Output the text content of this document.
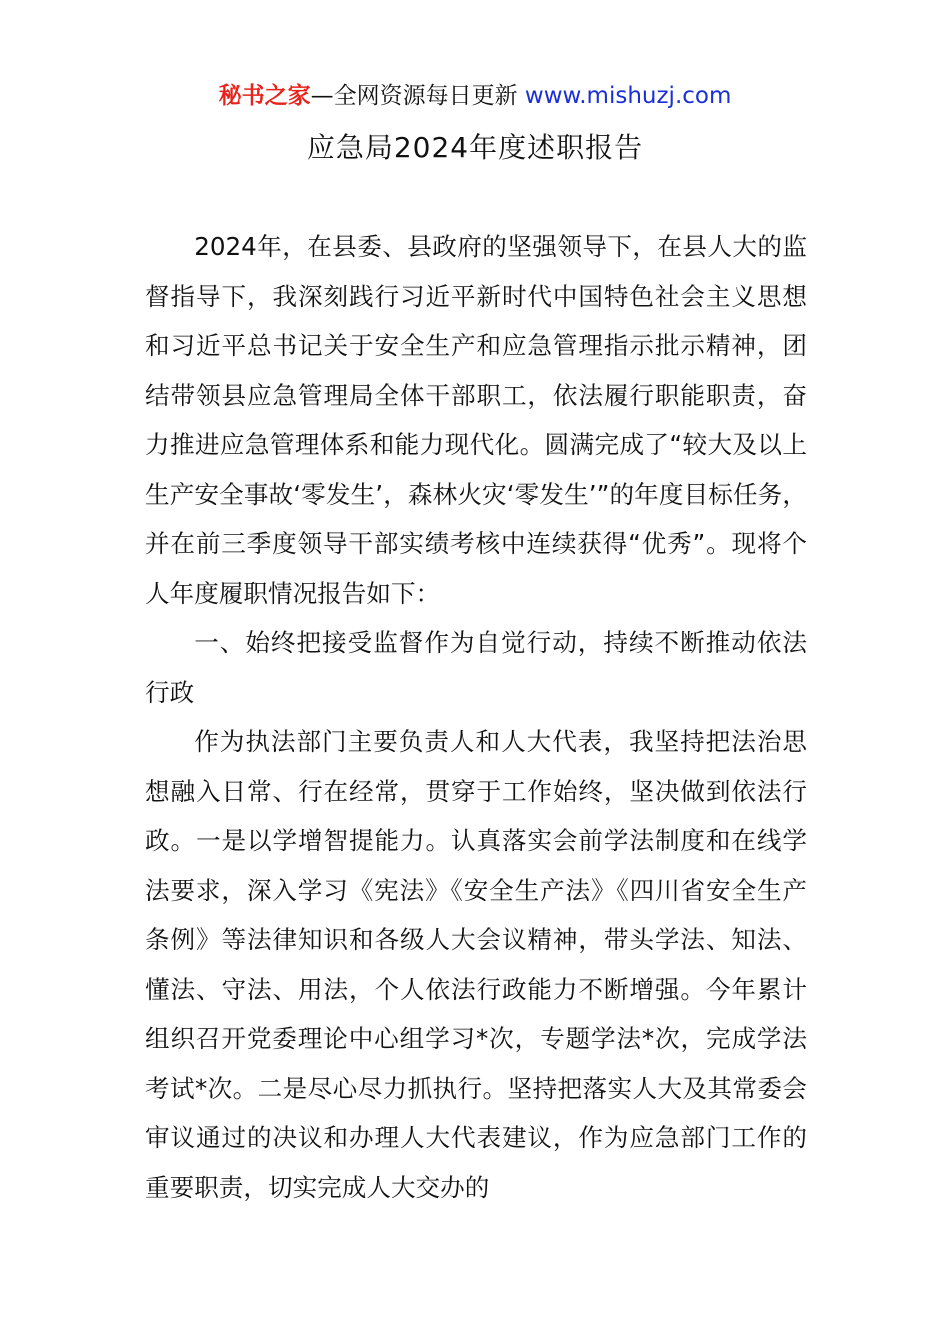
秘书之家—全网资源每日更新 www.mishuzj.com
应急局2024年度述职报告

2024年，在县委、县政府的坚强领导下，在县人大的监督指导下，我深刻践行习近平新时代中国特色社会主义思想和习近平总书记关于安全生产和应急管理指示批示精神，团结带领县应急管理局全体干部职工，依法履行职能职责，奋力推进应急管理体系和能力现代化。圆满完成了“较大及以上生产安全事故‘零发生’，森林火灾‘零发生’”的年度目标任务，并在前三季度领导干部实绩考核中连续获得“优秀”。现将个人年度履职情况报告如下：

一、始终把接受监督作为自觉行动，持续不断推动依法行政

作为执法部门主要负责人和人大代表，我坚持把法治思想融入日常、行在经常，贯穿于工作始终，坚决做到依法行政。一是以学增智提能力。认真落实会前学法制度和在线学法要求，深入学习《宪法》《安全生产法》《四川省安全生产条例》等法律知识和各级人大会议精神，带头学法、知法、懂法、守法、用法，个人依法行政能力不断增强。今年累计组织召开党委理论中心组学习*次，专题学法*次，完成学法考试*次。二是尽心尽力抓执行。坚持把落实人大及其常委会审议通过的决议和办理人大代表建议，作为应急部门工作的重要职责，切实完成人大交办的
